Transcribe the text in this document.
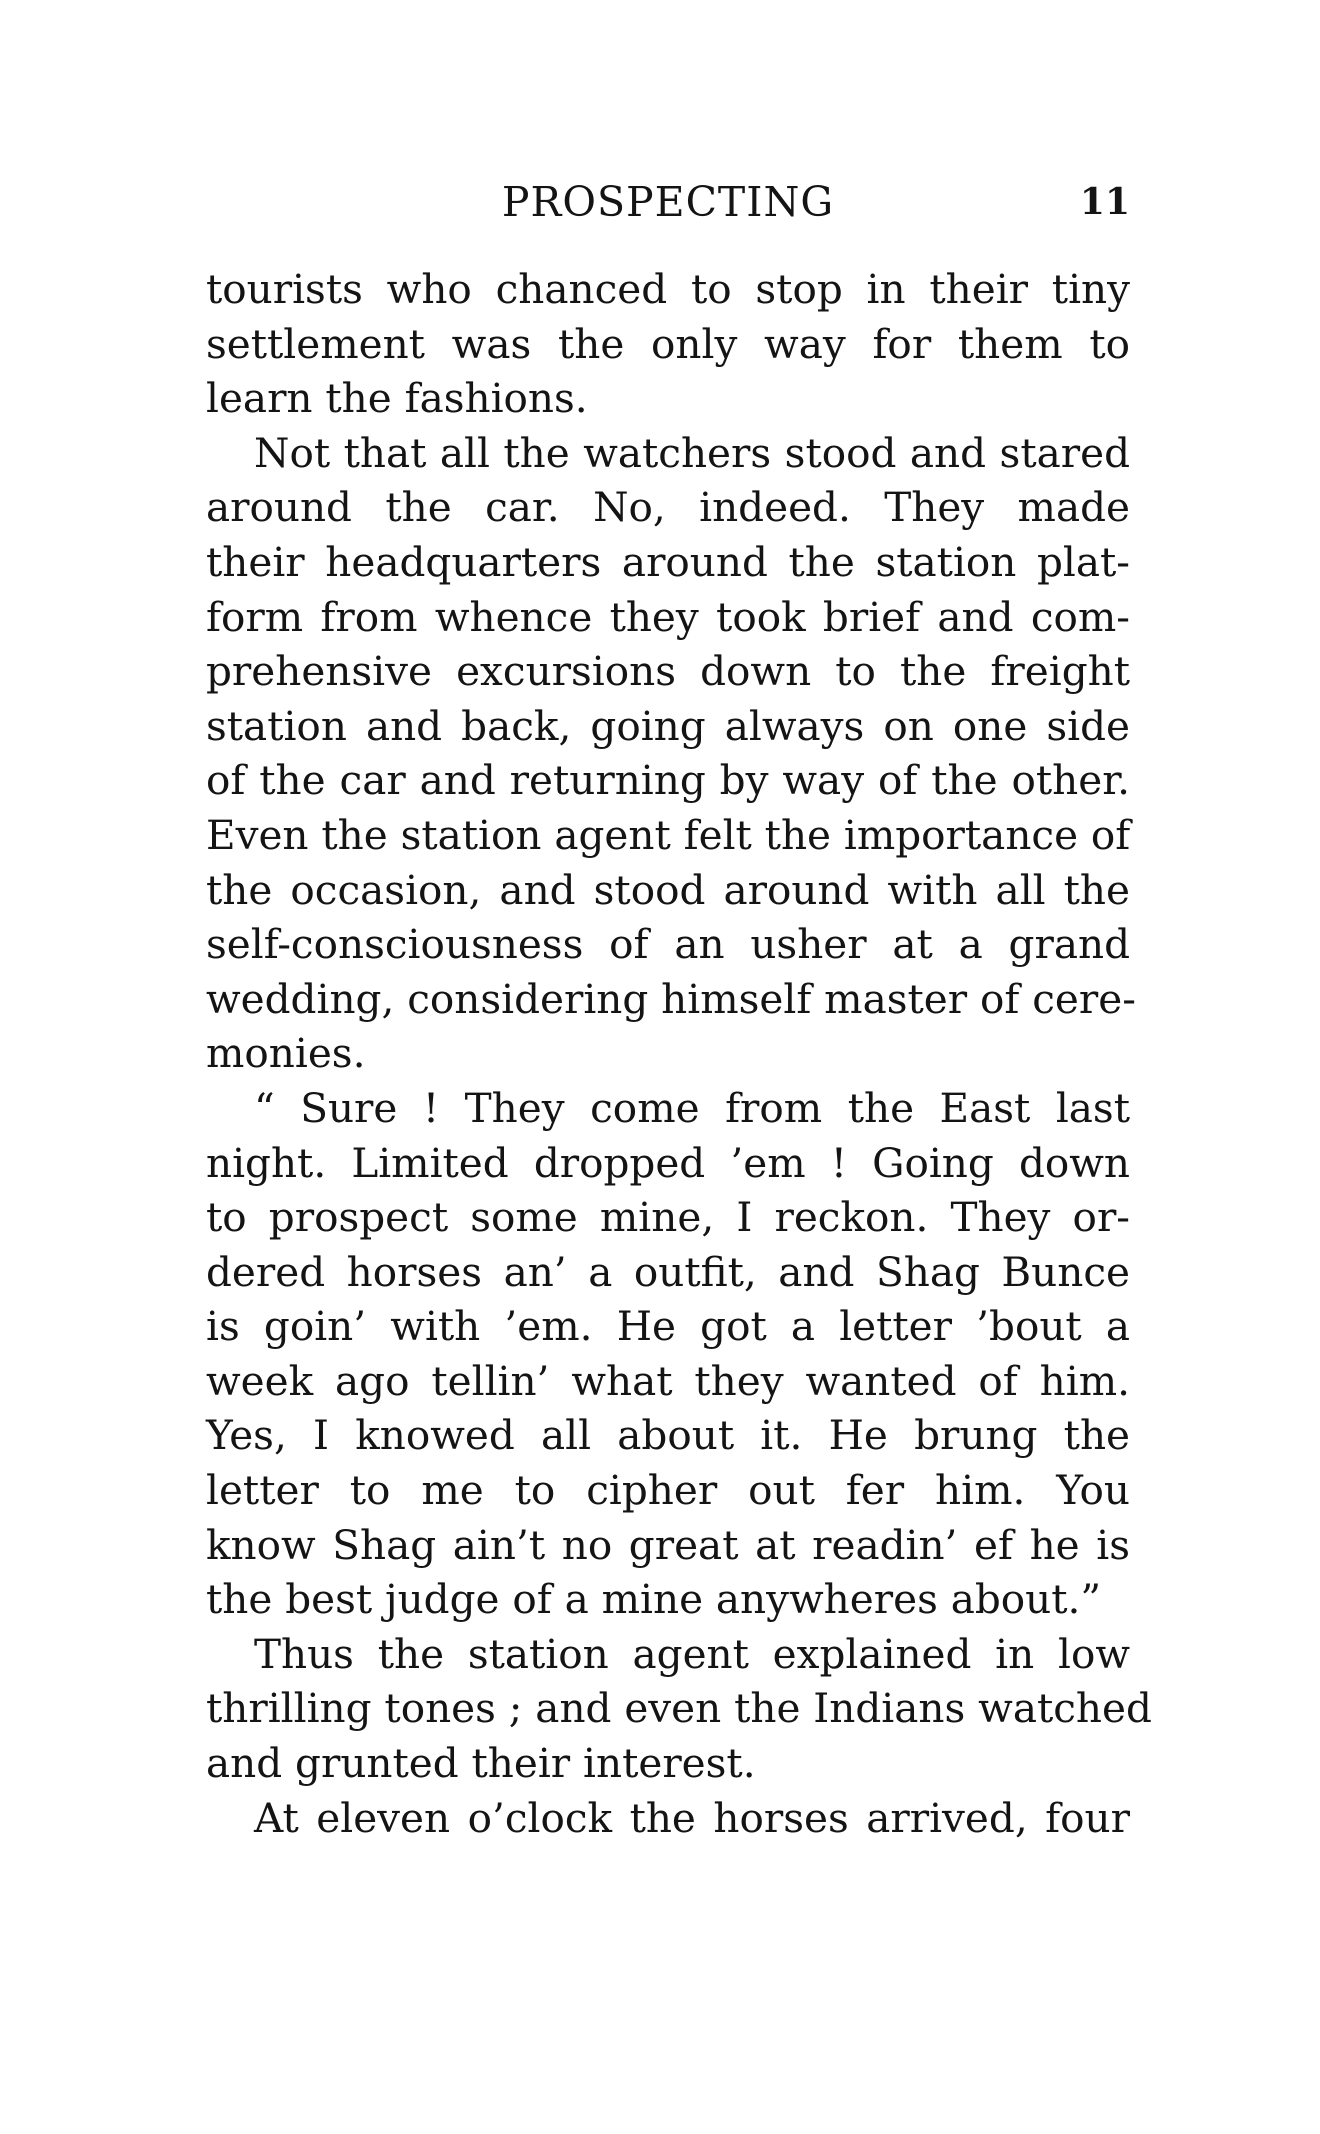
PROSPECTING	11

tourists who chanced to stop in their tiny
settlement was the only way for them to
learn the fashions.

Not that all the watchers stood and stared
around the car. No, indeed. They made
their headquarters around the station plat-
form from whence they took brief and com-
prehensive excursions down to the freight
station and back, going always on one side
of the car and returning by way of the other.
Even the station agent felt the importance of
the occasion, and stood around with all the
self-consciousness of an usher at a grand
wedding, considering himself master of cere-
monies.

“ Sure ! They come from the East last
night. Limited dropped ’em ! Going down
to prospect some mine, I reckon. They or-
dered horses an’ a outfit, and Shag Bunce
is goin’ with ’em. He got a letter ’bout a
week ago tellin’ what they wanted of him.
Yes, I knowed all about it. He brung the
letter to me to cipher out fer him. You
know Shag ain’t no great at readin’ ef he is
the best judge of a mine anywheres about.”

Thus the station agent explained in low
thrilling tones ; and even the Indians watched
and grunted their interest.

At eleven o’clock the horses arrived, four
